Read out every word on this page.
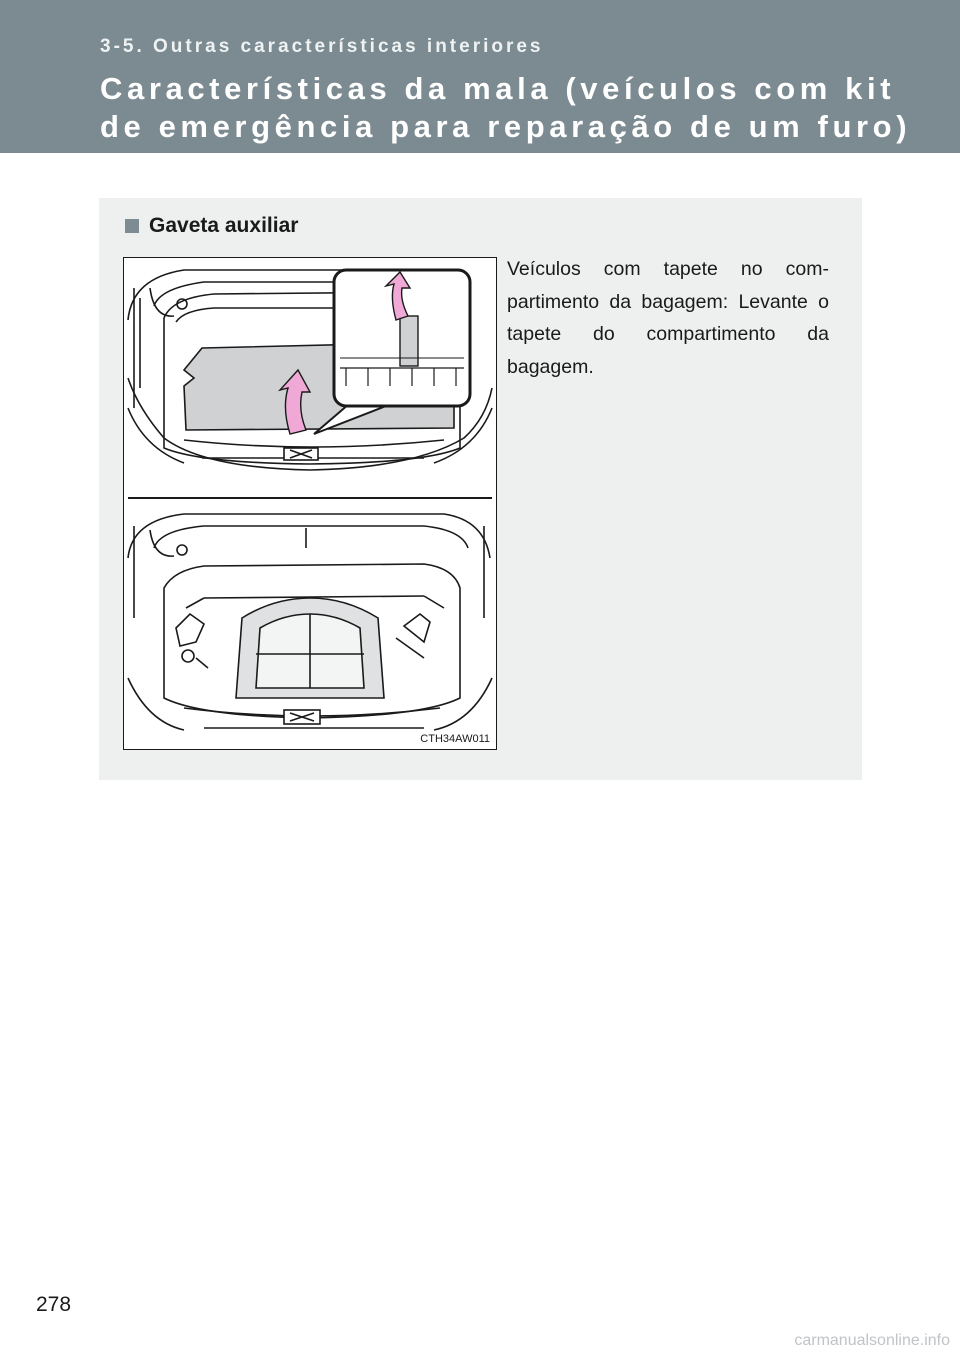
3-5. Outras características interiores
Características da mala (veículos com kit de emergência para reparação de um furo)
Gaveta auxiliar
CTH34AW011
Veículos com tapete no compartimento da bagagem: Levante o tapete do compartimento da bagagem.
278
carmanualsonline.info
